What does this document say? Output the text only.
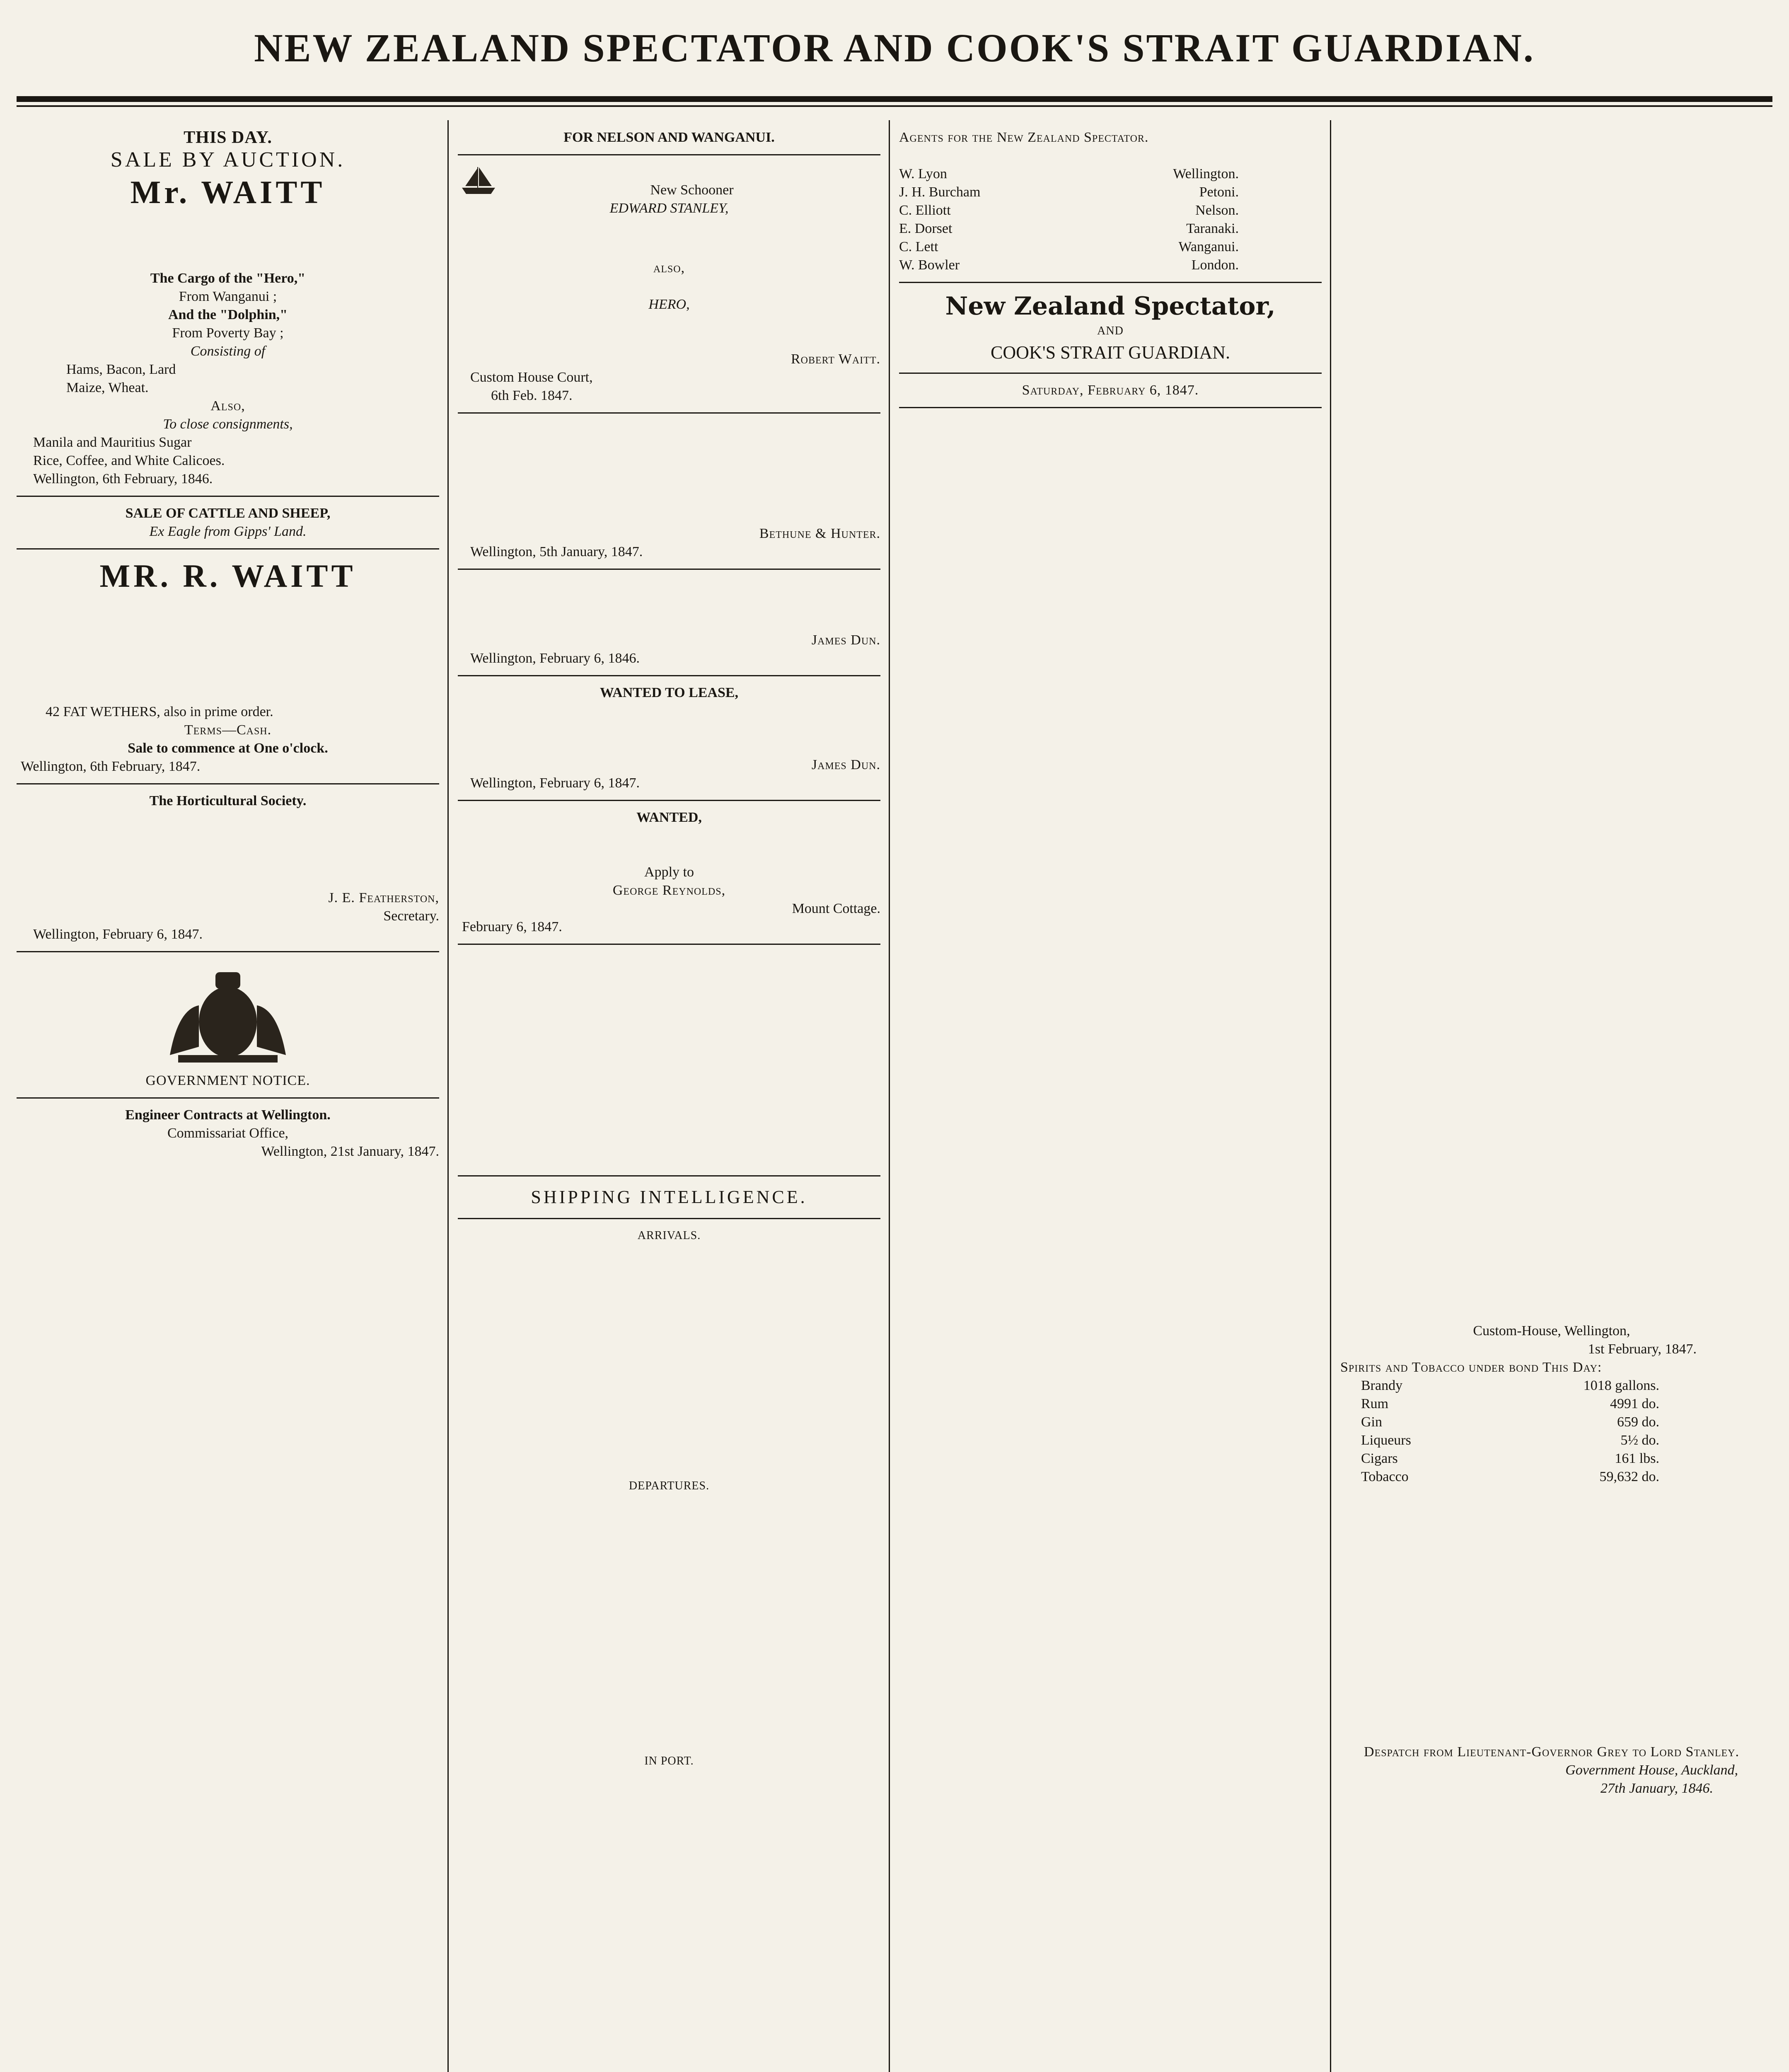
NEW ZEALAND SPECTATOR AND COOK'S STRAIT GUARDIAN.
THIS DAY.
SALE BY AUCTION.
Mr. WAITT
The Cargo of the "Hero,"
From Wanganui ;
And the "Dolphin,"
From Poverty Bay ;
Consisting of
Hams, Bacon, Lard
Maize, Wheat.
Also,
To close consignments,
Manila and Mauritius Sugar
Rice, Coffee, and White Calicoes.
Wellington, 6th February, 1846.
SALE OF CATTLE AND SHEEP,
Ex Eagle from Gipps' Land.
MR. R. WAITT
42 FAT WETHERS, also in prime order.
Terms—Cash.
Sale to commence at One o'clock.
Wellington, 6th February, 1847.
The Horticultural Society.
J. E. Featherston,
Secretary.
Wellington, February 6, 1847.
GOVERNMENT NOTICE.
Engineer Contracts at Wellington.
Commissariat Office,
Wellington, 21st January, 1847.
FOR NELSON AND WANGANUI.
New Schooner
EDWARD STANLEY,
also,
HERO,
Robert Waitt.
Custom House Court,
6th Feb. 1847.
Bethune & Hunter.
Wellington, 5th January, 1847.
James Dun.
Wellington, February 6, 1846.
WANTED TO LEASE,
James Dun.
Wellington, February 6, 1847.
WANTED,
Apply to
George Reynolds,
Mount Cottage.
February 6, 1847.
SHIPPING INTELLIGENCE.
ARRIVALS.
DEPARTURES.
IN PORT.
Agents for the New Zealand Spectator.
W. Lyon	Wellington.
J. H. Burcham	Petoni.
C. Elliott	Nelson.
E. Dorset	Taranaki.
C. Lett	Wanganui.
W. Bowler	London.
New Zealand Spectator,
AND
COOK'S STRAIT GUARDIAN.
Saturday, February 6, 1847.
Custom-House, Wellington,
1st February, 1847.
Spirits and Tobacco under bond This Day:
Brandy	1018 gallons.
Rum	4991 do.
Gin	659 do.
Liqueurs	5½ do.
Cigars	161 lbs.
Tobacco	59,632 do.
Despatch from Lieutenant-Governor Grey to Lord Stanley.
Government House, Auckland,
27th January, 1846.
